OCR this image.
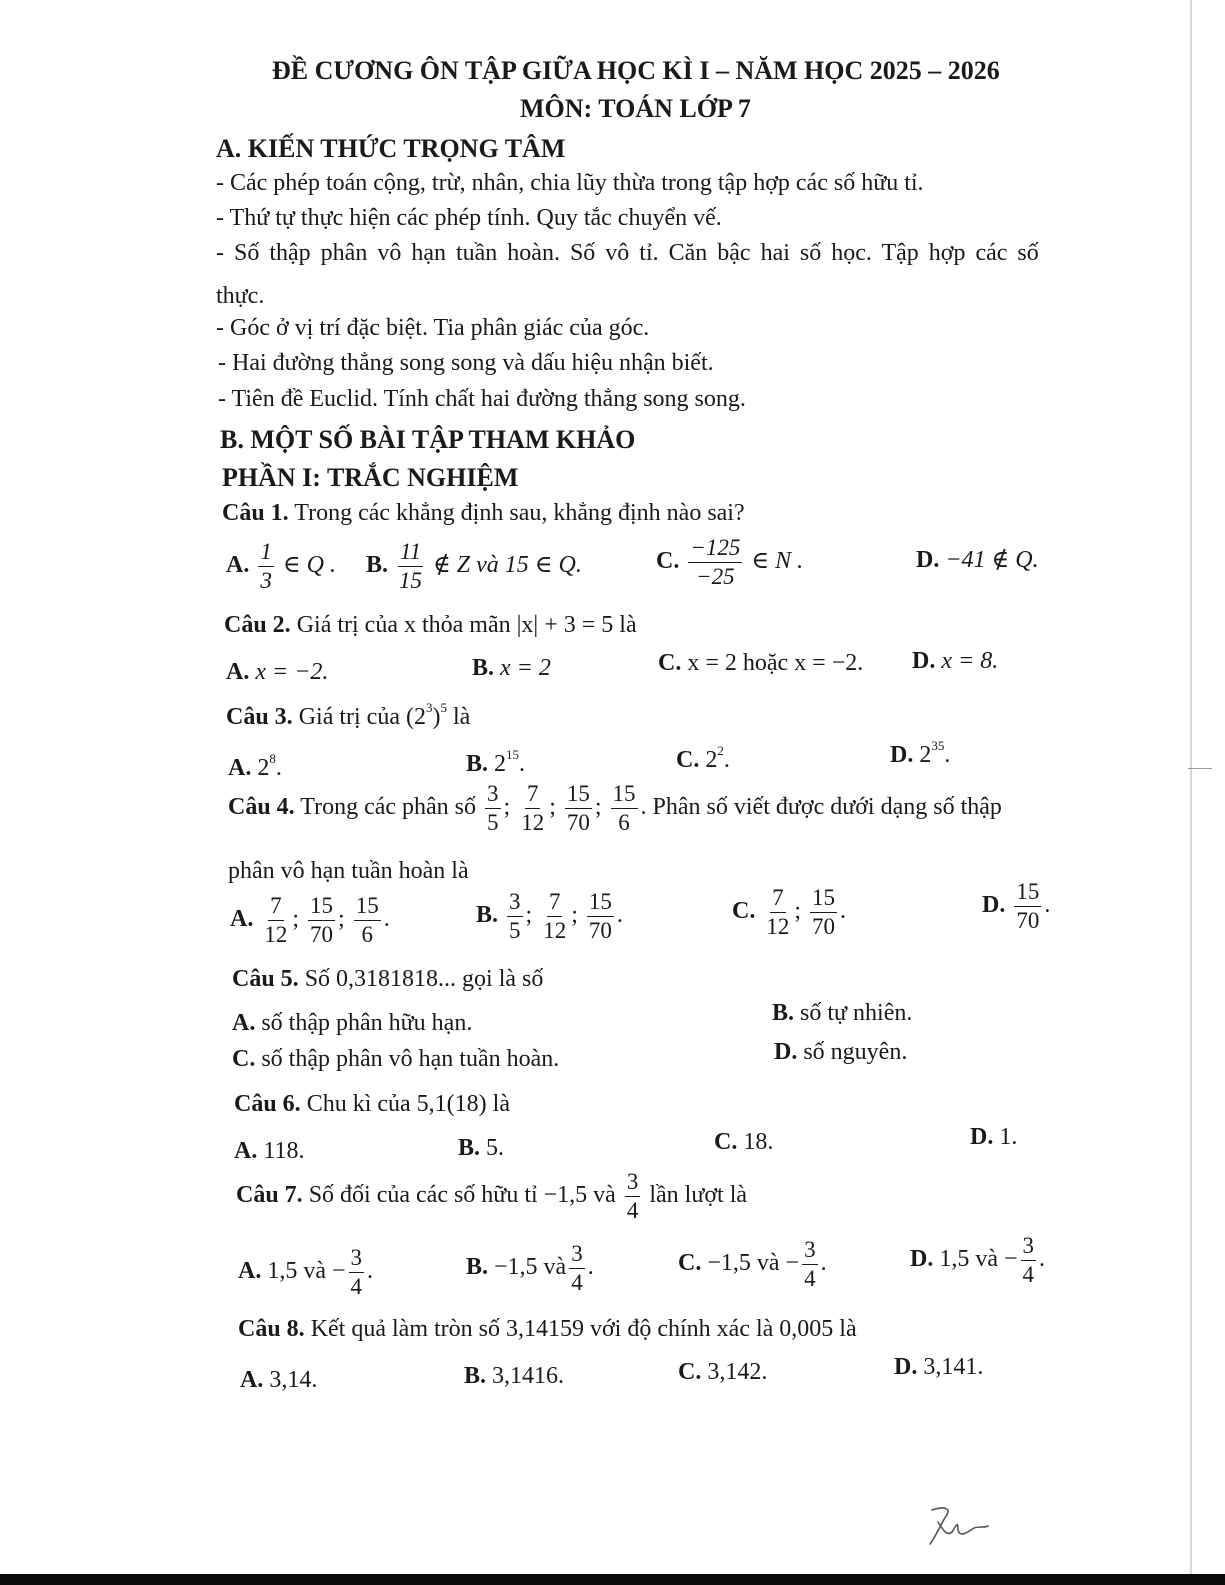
ĐỀ CƯƠNG ÔN TẬP GIỮA HỌC KÌ I – NĂM HỌC 2025 – 2026
MÔN: TOÁN LỚP 7
A. KIẾN THỨC TRỌNG TÂM
- Các phép toán cộng, trừ, nhân, chia lũy thừa trong tập hợp các số hữu tỉ.
- Thứ tự thực hiện các phép tính. Quy tắc chuyển vế.
- Số thập phân vô hạn tuần hoàn. Số vô tỉ. Căn bậc hai số học. Tập hợp các số
thực.
- Góc ở vị trí đặc biệt. Tia phân giác của góc.
- Hai đường thẳng song song và dấu hiệu nhận biết.
- Tiên đề Euclid. Tính chất hai đường thẳng song song.
B. MỘT SỐ BÀI TẬP THAM KHẢO
PHẦN I: TRẮC NGHIỆM
Câu 1. Trong các khẳng định sau, khẳng định nào sai?
A. $\frac{1}{3}$ ∈ Q . B. $\frac{11}{15}$ ∉ Z và 15 ∈ Q.	C. $\frac{-125}{-25}$ ∈ N .	D. −41 ∉ Q.
Câu 2. Giá trị của x thỏa mãn |x| + 3 = 5 là
A. x = −2.	B. x = 2	C. x = 2 hoặc x = −2. D. x = 8.
Câu 3. Giá trị của $(2^3)^5$ là
A. $2^8$.	B. $2^{15}$.	C. $2^2$.	D. $2^{35}$.
Câu 4. Trong các phân số $\frac{3}{5}$ ; $\frac{7}{12}$ ; $\frac{15}{70}$ ; $\frac{15}{6}$ . Phân số viết được dưới dạng số thập
phân vô hạn tuần hoàn là
A. $\frac{7}{12}$ ; $\frac{15}{70}$ ; $\frac{15}{6}$ .	B. $\frac{3}{5}$ ; $\frac{7}{12}$ ; $\frac{15}{70}$ .	C. $\frac{7}{12}$ ; $\frac{15}{70}$ .	D. $\frac{15}{70}$ .
Câu 5. Số 0,3181818... gọi là số
A. số thập phân hữu hạn.	B. số tự nhiên.
C. số thập phân vô hạn tuần hoàn.	D. số nguyên.
Câu 6. Chu kì của 5,1(18) là
A. 118.	B. 5.	C. 18.	D. 1.
Câu 7. Số đối của các số hữu tỉ −1,5 và $\frac{3}{4}$ lần lượt là
A. 1,5 và − $\frac{3}{4}$ .	B. −1,5 và $\frac{3}{4}$ .	C. −1,5 và − $\frac{3}{4}$ .	D. 1,5 và − $\frac{3}{4}$ .
Câu 8. Kết quả làm tròn số 3,14159 với độ chính xác là 0,005 là
A. 3,14.	B. 3,1416.	C. 3,142.	D. 3,141.
